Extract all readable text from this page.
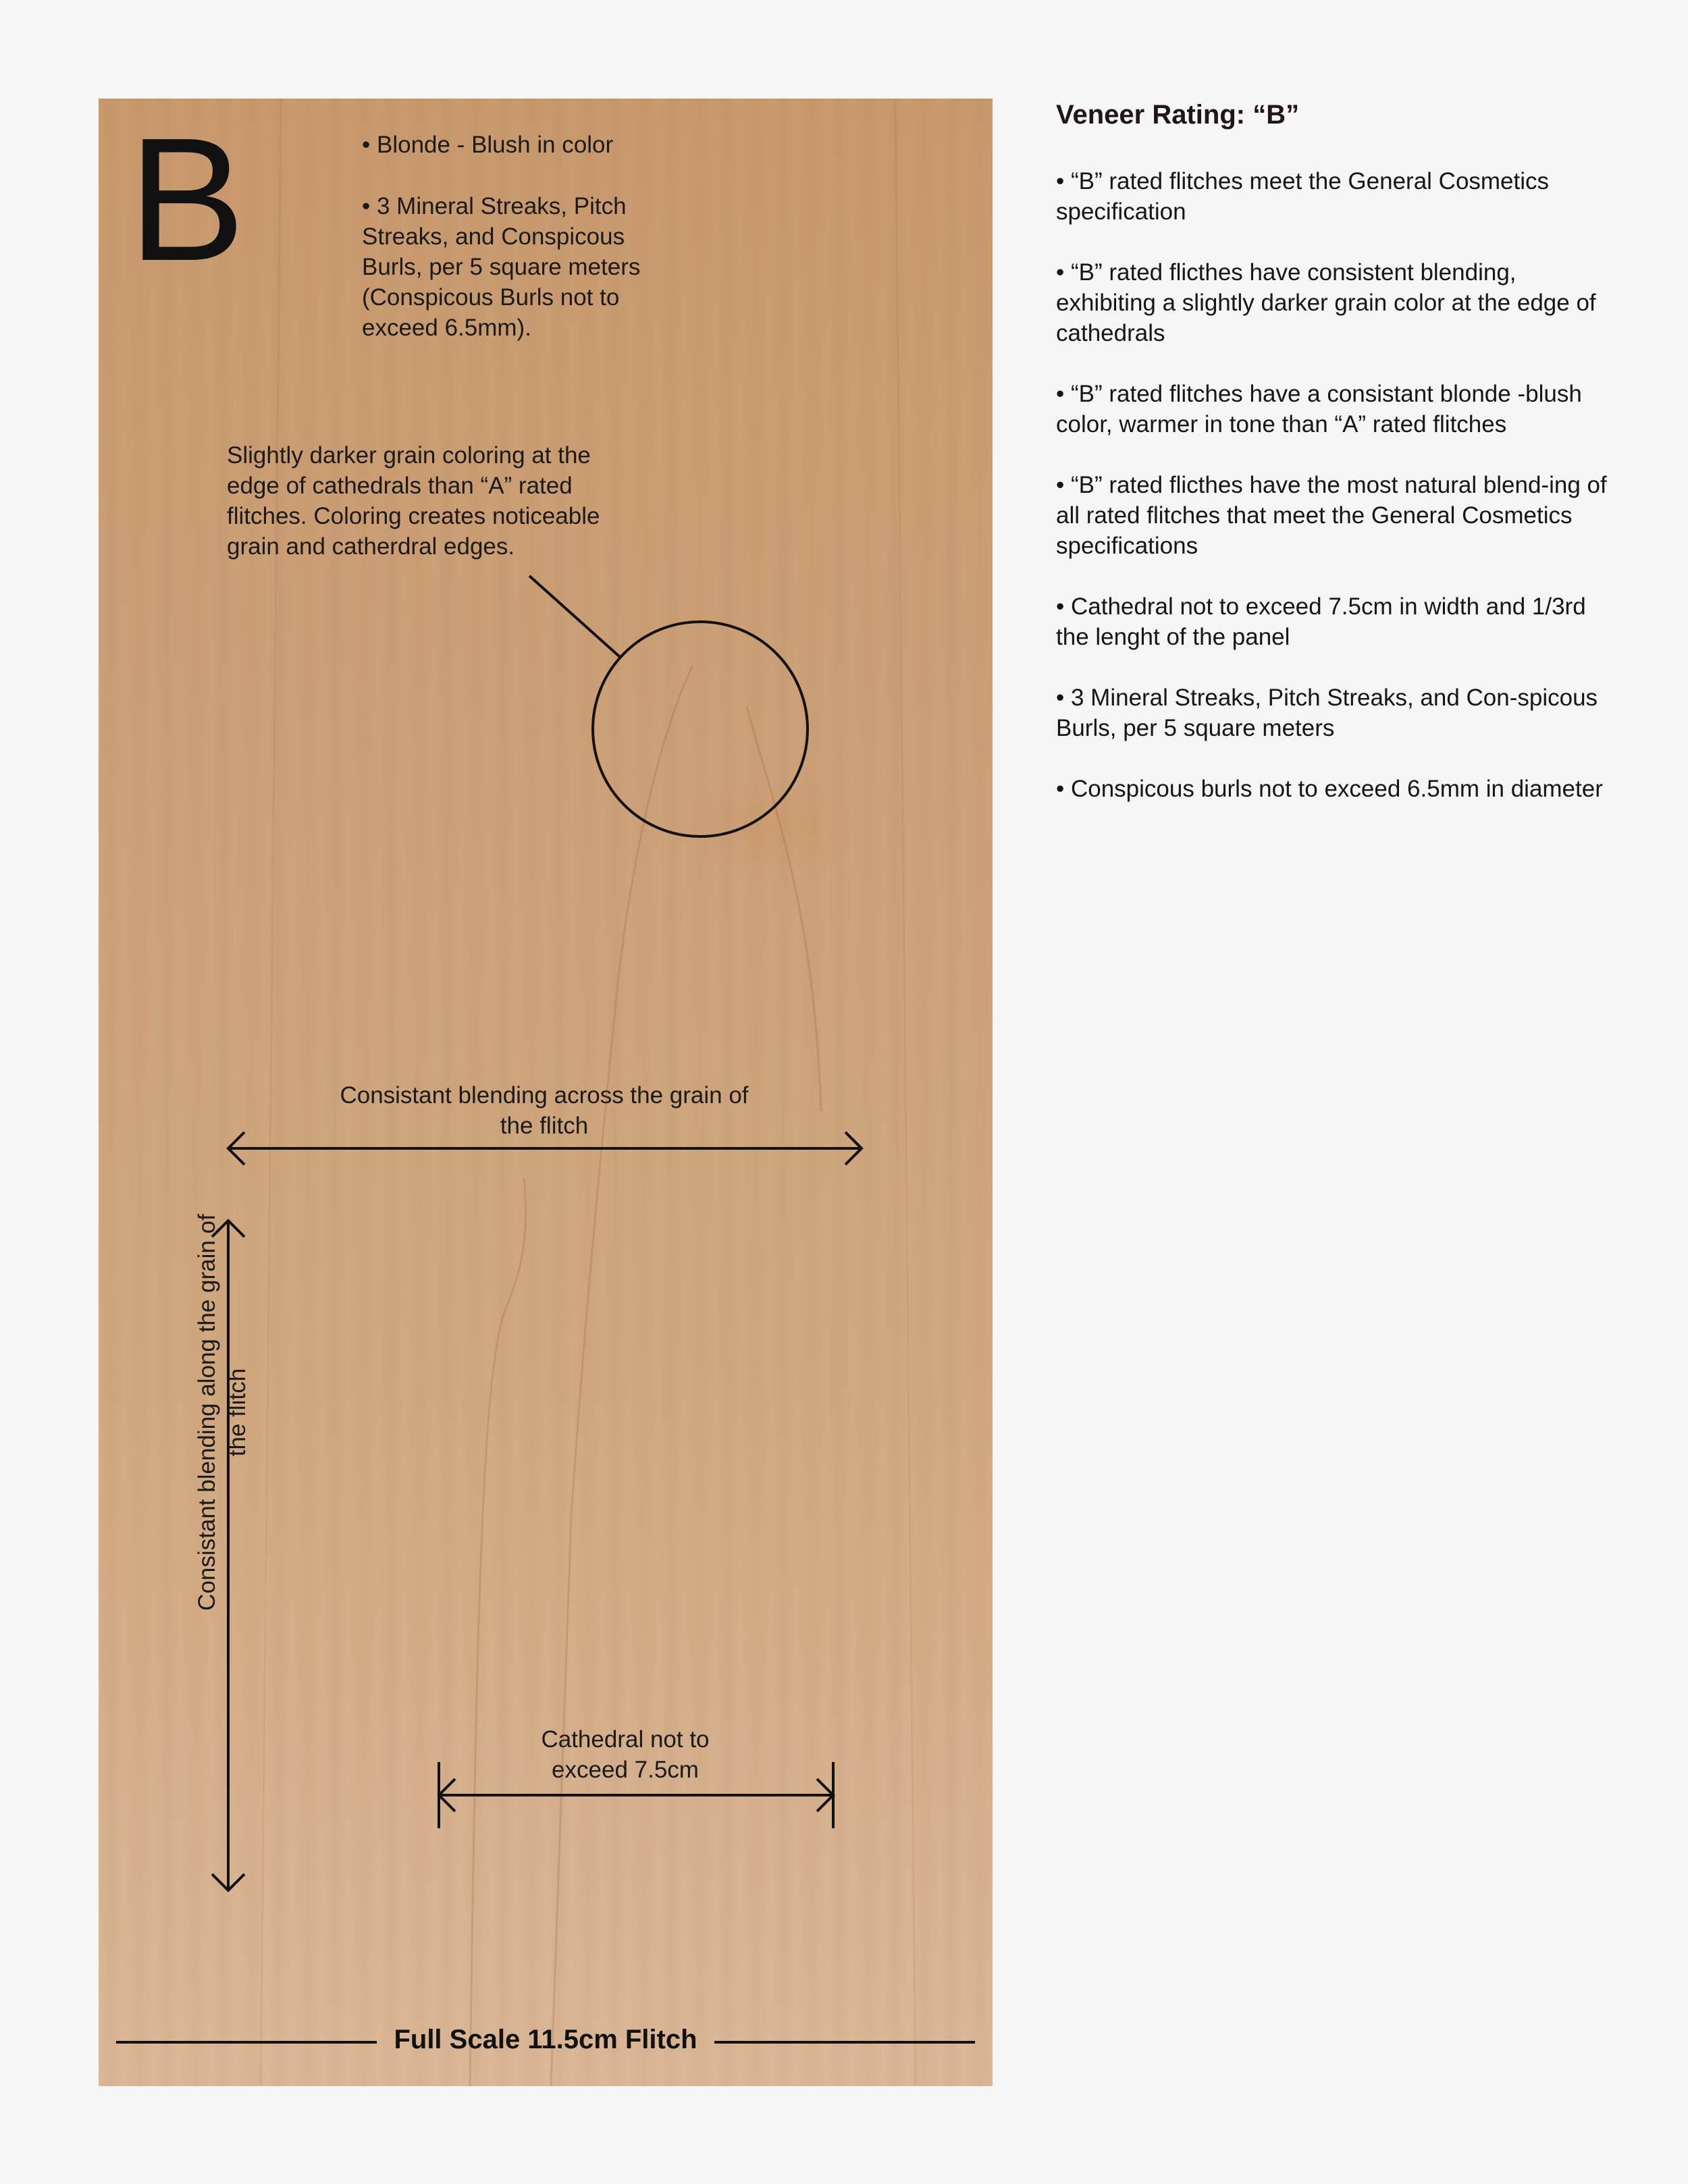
B	• Blonde - Blush in color
• 3 Mineral Streaks, Pitch Streaks, and Conspicous Burls, per 5 square meters (Conspicous Burls not to exceed 6.5mm).
Slightly darker grain coloring at the edge of cathedrals than “A” rated flitches. Coloring creates noticeable grain and catherdral edges.
Consistant blending across the grain of the flitch
Cathedral not to exceed 7.5cm
Consistant blending along the grain of the flitch
Full Scale 11.5cm Flitch
Veneer Rating: “B”

• “B” rated flitches meet the General Cosmetics specification

• “B” rated flicthes have consistent blending, exhibiting a slightly darker grain color at the edge of cathedrals

• “B” rated flitches have a consistant blonde -blush color, warmer in tone than “A” rated flitches

• “B” rated flicthes have the most natural blend-ing of all rated flitches that meet the General Cosmetics specifications

• Cathedral not to exceed 7.5cm in width and 1/3rd the lenght of the panel

• 3 Mineral Streaks, Pitch Streaks, and Con-spicous Burls, per 5 square meters

• Conspicous burls not to exceed 6.5mm in diameter
